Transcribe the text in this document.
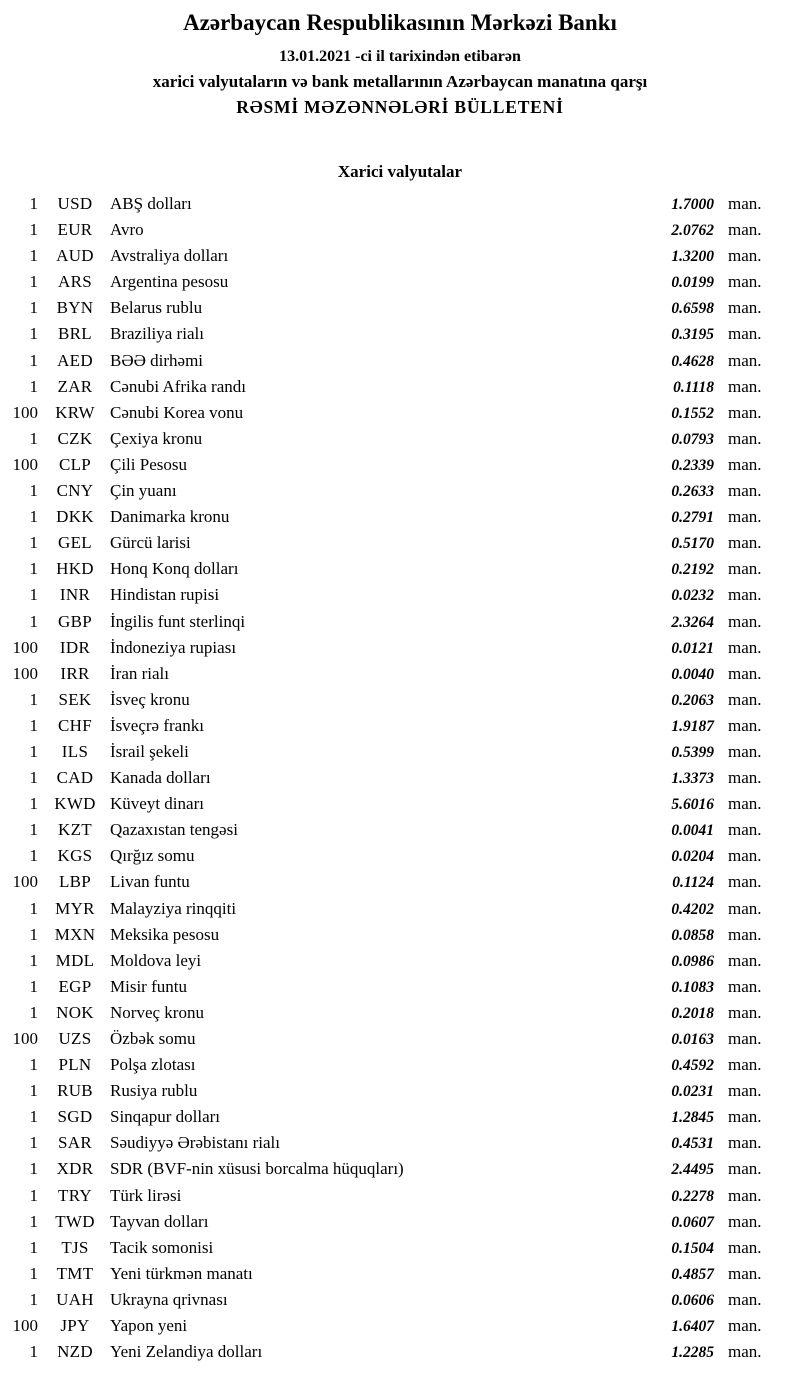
Azərbaycan Respublikasının Mərkəzi Bankı
13.01.2021 -ci il tarixindən etibarən
xarici valyutaların və bank metallarının Azərbaycan manatına qarşı
RƏSMİ MƏZƏNNƏLƏRİ BÜLLETENİ
Xarici valyutalar
1	USD	ABŞ dolları	1.7000 man.
1	EUR	Avro	2.0762 man.
1	AUD Avstraliya dolları	1.3200 man.
1	ARS	Argentina pesosu	0.0199 man.
1	BYN Belarus rublu	0.6598 man.
1	BRL	Braziliya rialı	0.3195 man.
1	AED	BƏƏ dirhəmi	0.4628 man.
1	ZAR	Cənubi Afrika randı	0.1118 man.
100	KRW Cənubi Korea vonu	0.1552 man.
1	CZK	Çexiya kronu	0.0793 man.
100	CLP	Çili Pesosu	0.2339 man.
1	CNY Çin yuanı	0.2633 man.
1	DKK Danimarka kronu	0.2791 man.
1	GEL	Gürcü larisi	0.5170 man.
1	HKD Honq Konq dolları	0.2192 man.
1	INR	Hindistan rupisi	0.0232 man.
1	GBP	İngilis funt sterlinqi	2.3264 man.
100	IDR	İndoneziya rupiası	0.0121 man.
100	IRR	İran rialı	0.0040 man.
1	SEK	İsveç kronu	0.2063 man.
1	CHF	İsveçrə frankı	1.9187 man.
1	ILS	İsrail şekeli	0.5399 man.
1	CAD Kanada dolları	1.3373 man.
1 KWD Küveyt dinarı	5.6016 man.
1	KZT	Qazaxıstan tengəsi	0.0041 man.
1	KGS	Qırğız somu	0.0204 man.
100	LBP	Livan funtu	0.1124 man.
1	MYR Malayziya rinqqiti	0.4202 man.
1 MXN Meksika pesosu	0.0858 man.
1	MDL Moldova leyi	0.0986 man.
1	EGP	Misir funtu	0.1083 man.
1	NOK Norveç kronu	0.2018 man.
100	UZS	Özbək somu	0.0163 man.
1	PLN	Polşa zlotası	0.4592 man.
1	RUB	Rusiya rublu	0.0231 man.
1	SGD	Sinqapur dolları	1.2845 man.
1	SAR	Səudiyyə Ərəbistanı rialı	0.4531 man.
1	XDR SDR (BVF-nin xüsusi borcalma hüquqları)	2.4495 man.
1	TRY	Türk lirəsi	0.2278 man.
1	TWD Tayvan dolları	0.0607 man.
1	TJS	Tacik somonisi	0.1504 man.
1	TMT Yeni türkmən manatı	0.4857 man.
1	UAH Ukrayna qrivnası	0.0606 man.
100	JPY	Yapon yeni	1.6407 man.
1	NZD	Yeni Zelandiya dolları	1.2285 man.
